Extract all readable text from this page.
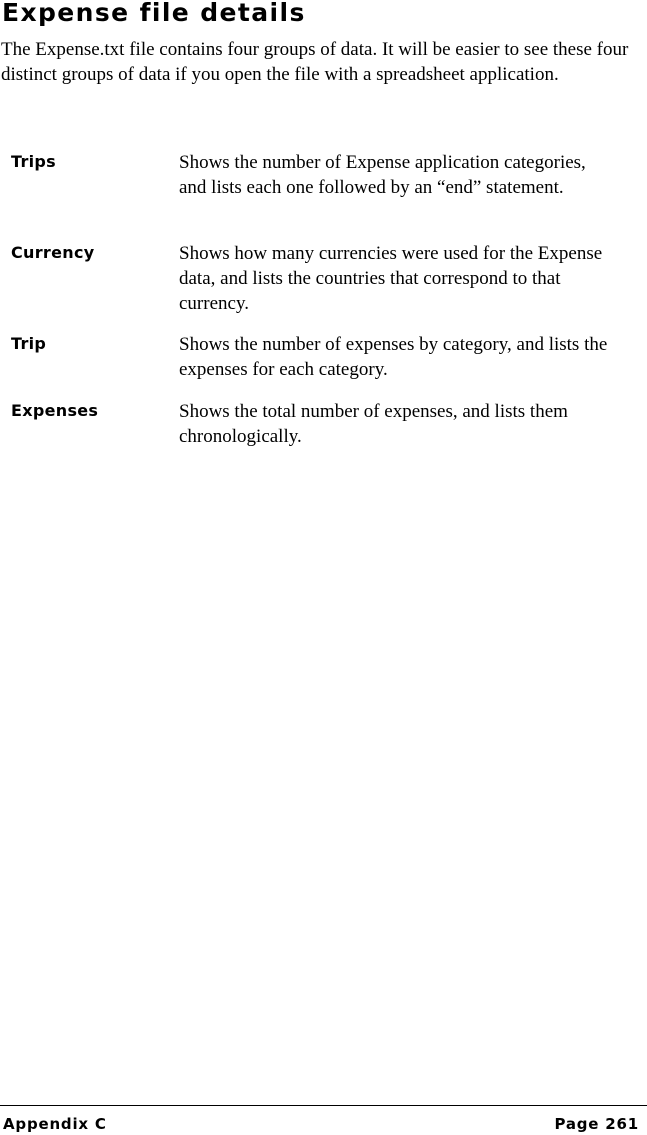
Expense file details

The Expense.txt file contains four groups of data. It will be easier to see these four distinct groups of data if you open the file with a spreadsheet application.

Trips	Shows the number of Expense application categories, and lists each one followed by an “end” statement.
Currency	Shows how many currencies were used for the Expense data, and lists the countries that correspond to that currency.
Trip	Shows the number of expenses by category, and lists the expenses for each category.
Expenses	Shows the total number of expenses, and lists them chronologically.
Appendix C	Page 261
